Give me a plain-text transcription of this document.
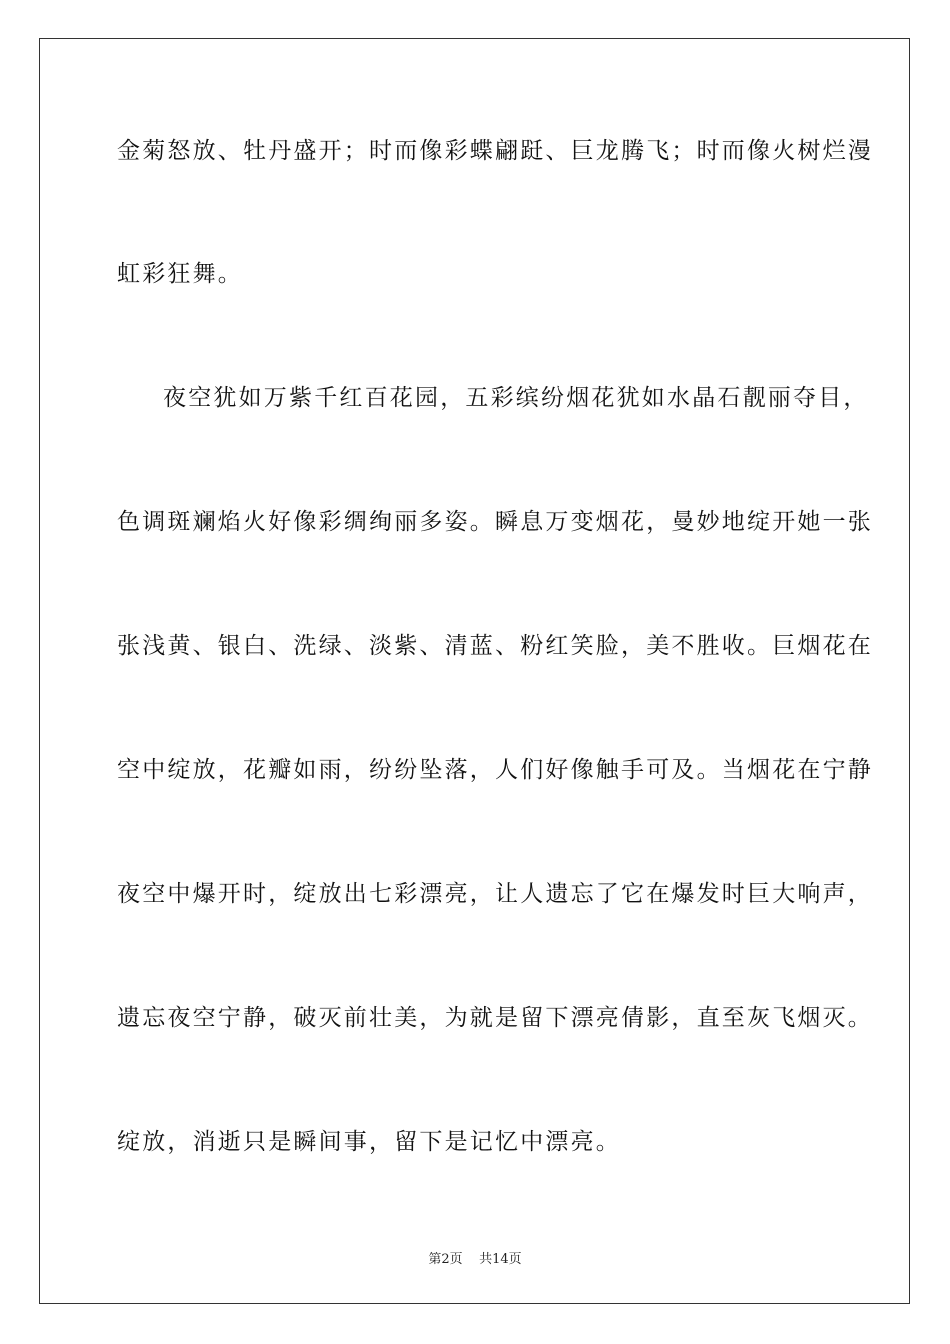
金菊怒放、牡丹盛开；时而像彩蝶翩跹、巨龙腾飞；时而像火树烂漫
虹彩狂舞。
夜空犹如万紫千红百花园，五彩缤纷烟花犹如水晶石靓丽夺目，
色调斑斓焰火好像彩绸绚丽多姿。瞬息万变烟花，曼妙地绽开她一张
张浅黄、银白、洗绿、淡紫、清蓝、粉红笑脸，美不胜收。巨烟花在
空中绽放，花瓣如雨，纷纷坠落，人们好像触手可及。当烟花在宁静
夜空中爆开时，绽放出七彩漂亮，让人遗忘了它在爆发时巨大响声，
遗忘夜空宁静，破灭前壮美，为就是留下漂亮倩影，直至灰飞烟灭。
绽放，消逝只是瞬间事，留下是记忆中漂亮。
第2页    共14页
